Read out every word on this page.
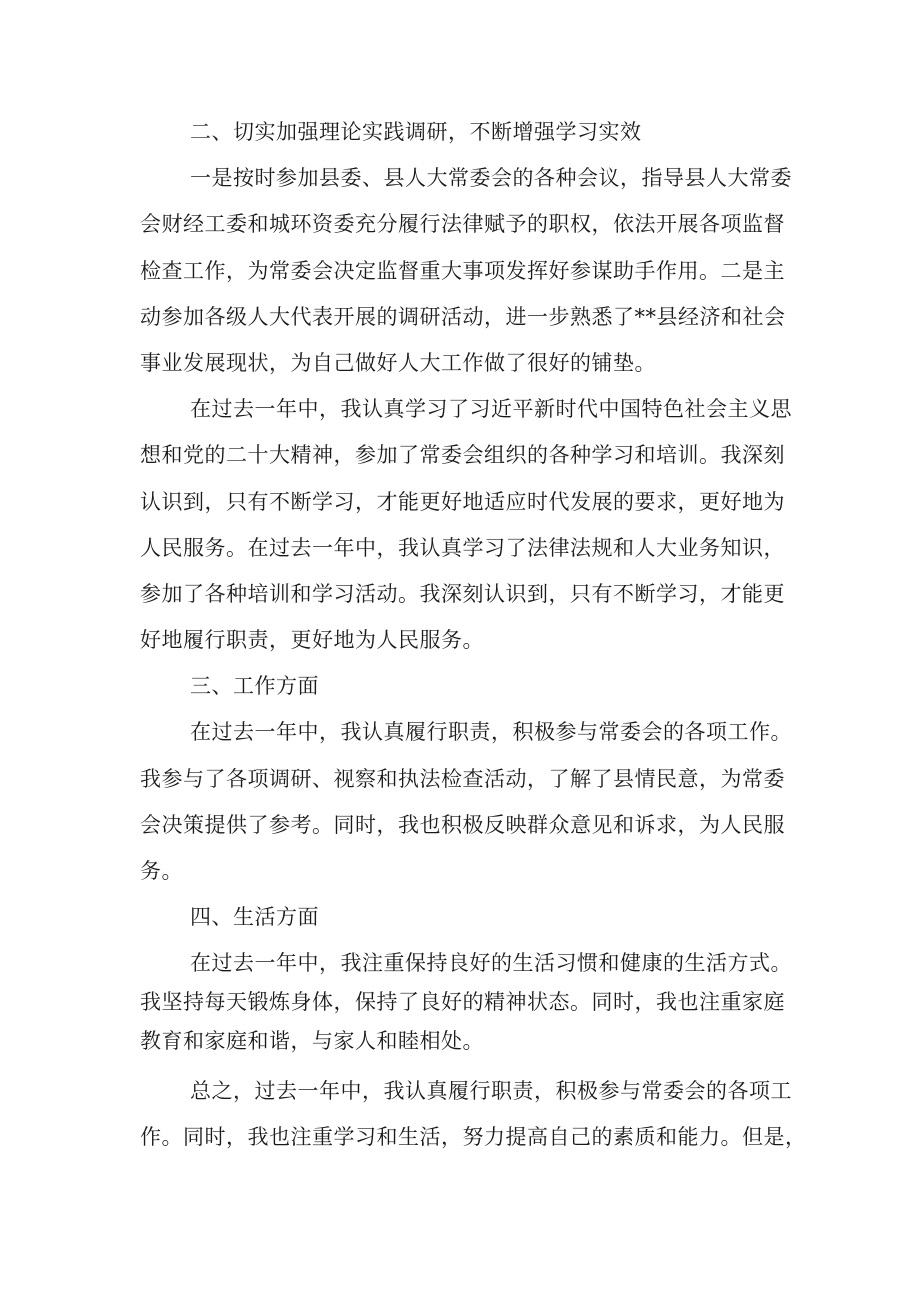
二、切实加强理论实践调研，不断增强学习实效
一是按时参加县委、县人大常委会的各种会议，指导县人大常委
会财经工委和城环资委充分履行法律赋予的职权，依法开展各项监督
检查工作，为常委会决定监督重大事项发挥好参谋助手作用。二是主
动参加各级人大代表开展的调研活动，进一步熟悉了**县经济和社会
事业发展现状，为自己做好人大工作做了很好的铺垫。
在过去一年中，我认真学习了习近平新时代中国特色社会主义思
想和党的二十大精神，参加了常委会组织的各种学习和培训。我深刻
认识到，只有不断学习，才能更好地适应时代发展的要求，更好地为
人民服务。在过去一年中，我认真学习了法律法规和人大业务知识，
参加了各种培训和学习活动。我深刻认识到，只有不断学习，才能更
好地履行职责，更好地为人民服务。
三、工作方面
在过去一年中，我认真履行职责，积极参与常委会的各项工作。
我参与了各项调研、视察和执法检查活动，了解了县情民意，为常委
会决策提供了参考。同时，我也积极反映群众意见和诉求，为人民服
务。
四、生活方面
在过去一年中，我注重保持良好的生活习惯和健康的生活方式。
我坚持每天锻炼身体，保持了良好的精神状态。同时，我也注重家庭
教育和家庭和谐，与家人和睦相处。
总之，过去一年中，我认真履行职责，积极参与常委会的各项工
作。同时，我也注重学习和生活，努力提高自己的素质和能力。但是，
